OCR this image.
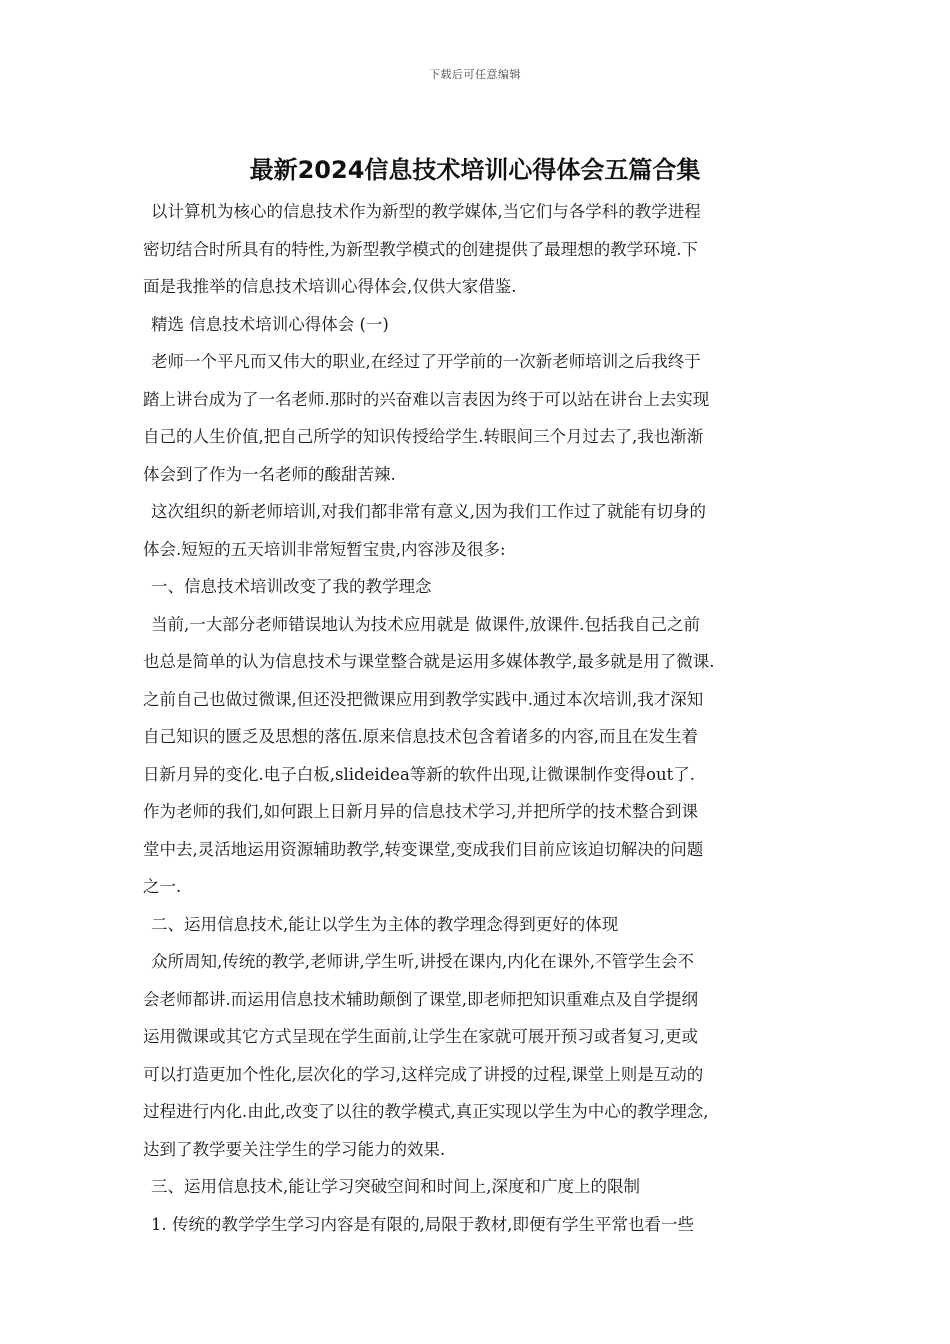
下载后可任意编辑
最新2024信息技术培训心得体会五篇合集
以计算机为核心的信息技术作为新型的教学媒体,当它们与各学科的教学进程
密切结合时所具有的特性,为新型教学模式的创建提供了最理想的教学环境.下
面是我推举的信息技术培训心得体会,仅供大家借鉴.
精选 信息技术培训心得体会 (一)
老师一个平凡而又伟大的职业,在经过了开学前的一次新老师培训之后我终于
踏上讲台成为了一名老师.那时的兴奋难以言表因为终于可以站在讲台上去实现
自己的人生价值,把自己所学的知识传授给学生.转眼间三个月过去了,我也渐渐
体会到了作为一名老师的酸甜苦辣.
这次组织的新老师培训,对我们都非常有意义,因为我们工作过了就能有切身的
体会.短短的五天培训非常短暂宝贵,内容涉及很多:
一、信息技术培训改变了我的教学理念
当前,一大部分老师错误地认为技术应用就是 做课件,放课件.包括我自己之前
也总是简单的认为信息技术与课堂整合就是运用多媒体教学,最多就是用了微课.
之前自己也做过微课,但还没把微课应用到教学实践中.通过本次培训,我才深知
自己知识的匮乏及思想的落伍.原来信息技术包含着诸多的内容,而且在发生着
日新月异的变化.电子白板,slideidea等新的软件出现,让微课制作变得out了.
作为老师的我们,如何跟上日新月异的信息技术学习,并把所学的技术整合到课
堂中去,灵活地运用资源辅助教学,转变课堂,变成我们目前应该迫切解决的问题
之一.
二、运用信息技术,能让以学生为主体的教学理念得到更好的体现
众所周知,传统的教学,老师讲,学生听,讲授在课内,内化在课外,不管学生会不
会老师都讲.而运用信息技术辅助颠倒了课堂,即老师把知识重难点及自学提纲
运用微课或其它方式呈现在学生面前,让学生在家就可展开预习或者复习,更或
可以打造更加个性化,层次化的学习,这样完成了讲授的过程,课堂上则是互动的
过程进行内化.由此,改变了以往的教学模式,真正实现以学生为中心的教学理念,
达到了教学要关注学生的学习能力的效果.
三、运用信息技术,能让学习突破空间和时间上,深度和广度上的限制
1. 传统的教学学生学习内容是有限的,局限于教材,即便有学生平常也看一些
